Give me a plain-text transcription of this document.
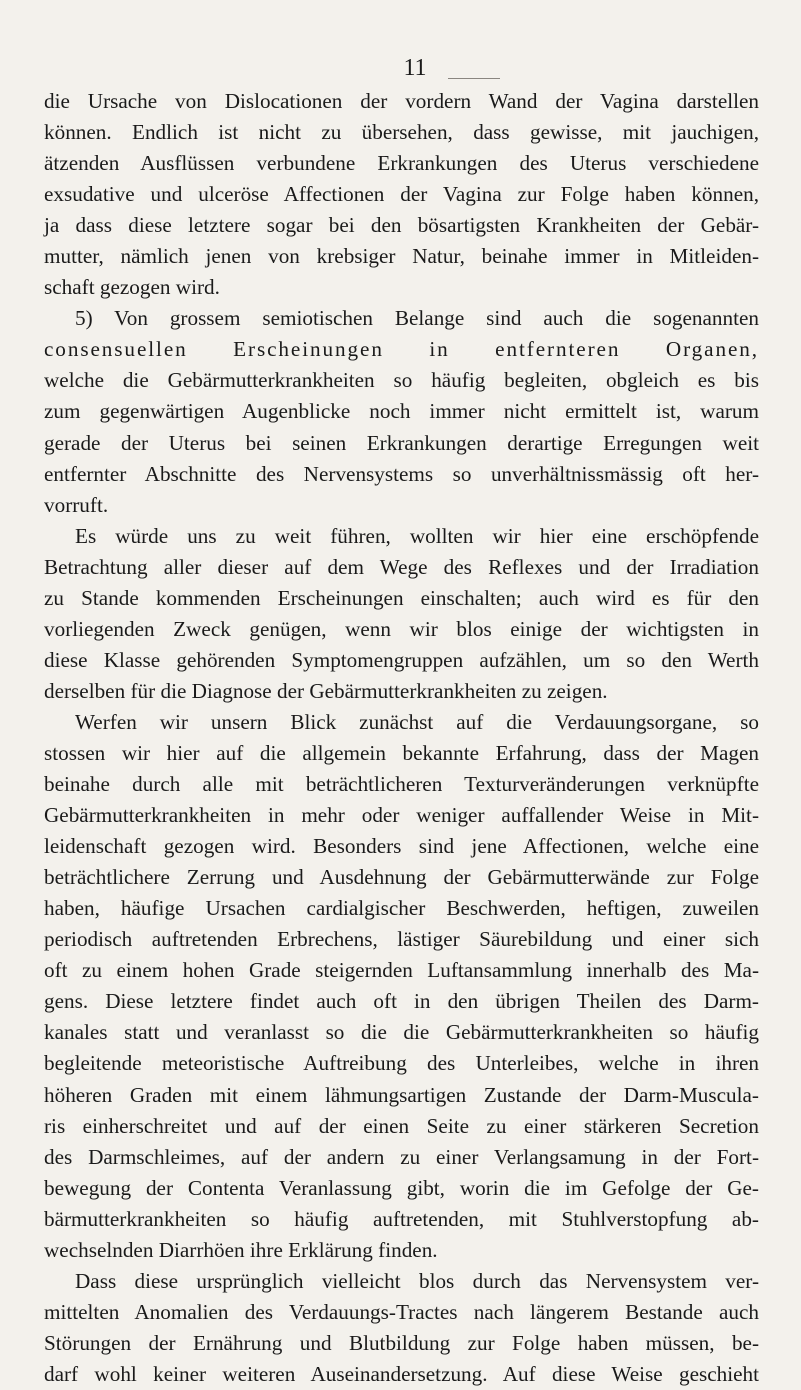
11
die Ursache von Dislocationen der vordern Wand der Vagina darstellen
können. Endlich ist nicht zu übersehen, dass gewisse, mit jauchigen,
ätzenden Ausflüssen verbundene Erkrankungen des Uterus verschiedene
exsudative und ulceröse Affectionen der Vagina zur Folge haben können,
ja dass diese letztere sogar bei den bösartigsten Krankheiten der Gebär-
mutter, nämlich jenen von krebsiger Natur, beinahe immer in Mitleiden-
schaft gezogen wird.
5) Von grossem semiotischen Belange sind auch die sogenannten
consensuellen Erscheinungen in entfernteren Organen,
welche die Gebärmutterkrankheiten so häufig begleiten, obgleich es bis
zum gegenwärtigen Augenblicke noch immer nicht ermittelt ist, warum
gerade der Uterus bei seinen Erkrankungen derartige Erregungen weit
entfernter Abschnitte des Nervensystems so unverhältnissmässig oft her-
vorruft.
Es würde uns zu weit führen, wollten wir hier eine erschöpfende
Betrachtung aller dieser auf dem Wege des Reflexes und der Irradiation
zu Stande kommenden Erscheinungen einschalten; auch wird es für den
vorliegenden Zweck genügen, wenn wir blos einige der wichtigsten in
diese Klasse gehörenden Symptomengruppen aufzählen, um so den Werth
derselben für die Diagnose der Gebärmutterkrankheiten zu zeigen.
Werfen wir unsern Blick zunächst auf die Verdauungsorgane, so
stossen wir hier auf die allgemein bekannte Erfahrung, dass der Magen
beinahe durch alle mit beträchtlicheren Texturveränderungen verknüpfte
Gebärmutterkrankheiten in mehr oder weniger auffallender Weise in Mit-
leidenschaft gezogen wird. Besonders sind jene Affectionen, welche eine
beträchtlichere Zerrung und Ausdehnung der Gebärmutterwände zur Folge
haben, häufige Ursachen cardialgischer Beschwerden, heftigen, zuweilen
periodisch auftretenden Erbrechens, lästiger Säurebildung und einer sich
oft zu einem hohen Grade steigernden Luftansammlung innerhalb des Ma-
gens. Diese letztere findet auch oft in den übrigen Theilen des Darm-
kanales statt und veranlasst so die die Gebärmutterkrankheiten so häufig
begleitende meteoristische Auftreibung des Unterleibes, welche in ihren
höheren Graden mit einem lähmungsartigen Zustande der Darm-Muscula-
ris einherschreitet und auf der einen Seite zu einer stärkeren Secretion
des Darmschleimes, auf der andern zu einer Verlangsamung in der Fort-
bewegung der Contenta Veranlassung gibt, worin die im Gefolge der Ge-
bärmutterkrankheiten so häufig auftretenden, mit Stuhlverstopfung ab-
wechselnden Diarrhöen ihre Erklärung finden.
Dass diese ursprünglich vielleicht blos durch das Nervensystem ver-
mittelten Anomalien des Verdauungs-Tractes nach längerem Bestande auch
Störungen der Ernährung und Blutbildung zur Folge haben müssen, be-
darf wohl keiner weiteren Auseinandersetzung. Auf diese Weise geschieht
